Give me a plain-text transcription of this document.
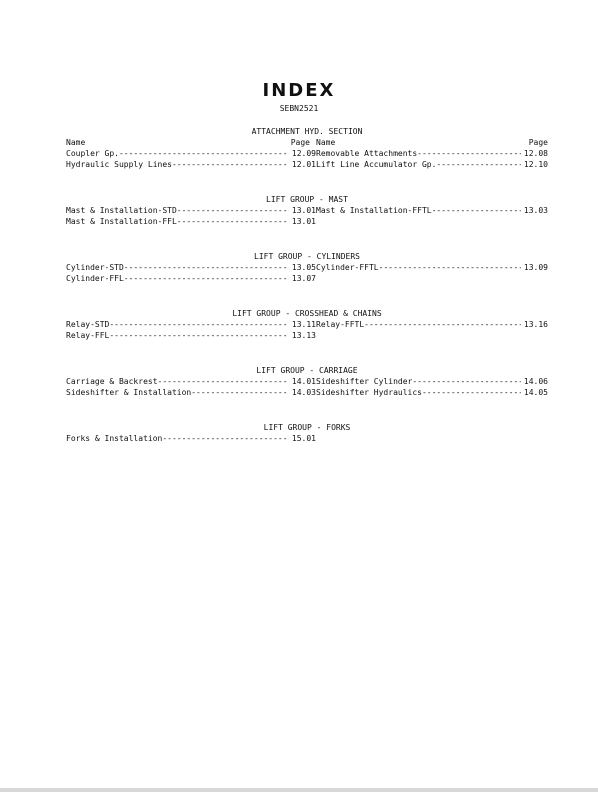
INDEX
SEBN2521
ATTACHMENT HYD. SECTION
Name	Page Name	Page
Coupler Gp. -----	12.09 Removable Attachments -----	12.08
Hydraulic Supply Lines -----	12.01 Lift Line Accumulator Gp. -----	12.10
LIFT GROUP - MAST
Mast & Installation-STD -----	13.01 Mast & Installation-FFTL -----	13.03
Mast & Installation-FFL -----	13.01
LIFT GROUP - CYLINDERS
Cylinder-STD -----	13.05 Cylinder-FFTL -----	13.09
Cylinder-FFL -----	13.07
LIFT GROUP - CROSSHEAD & CHAINS
Relay-STD -----	13.11 Relay-FFTL -----	13.16
Relay-FFL -----	13.13
LIFT GROUP - CARRIAGE
Carriage & Backrest -----	14.01 Sideshifter Cylinder -----	14.06
Sideshifter & Installation -----	14.03 Sideshifter Hydraulics -----	14.05
LIFT GROUP - FORKS
Forks & Installation -----	15.01
